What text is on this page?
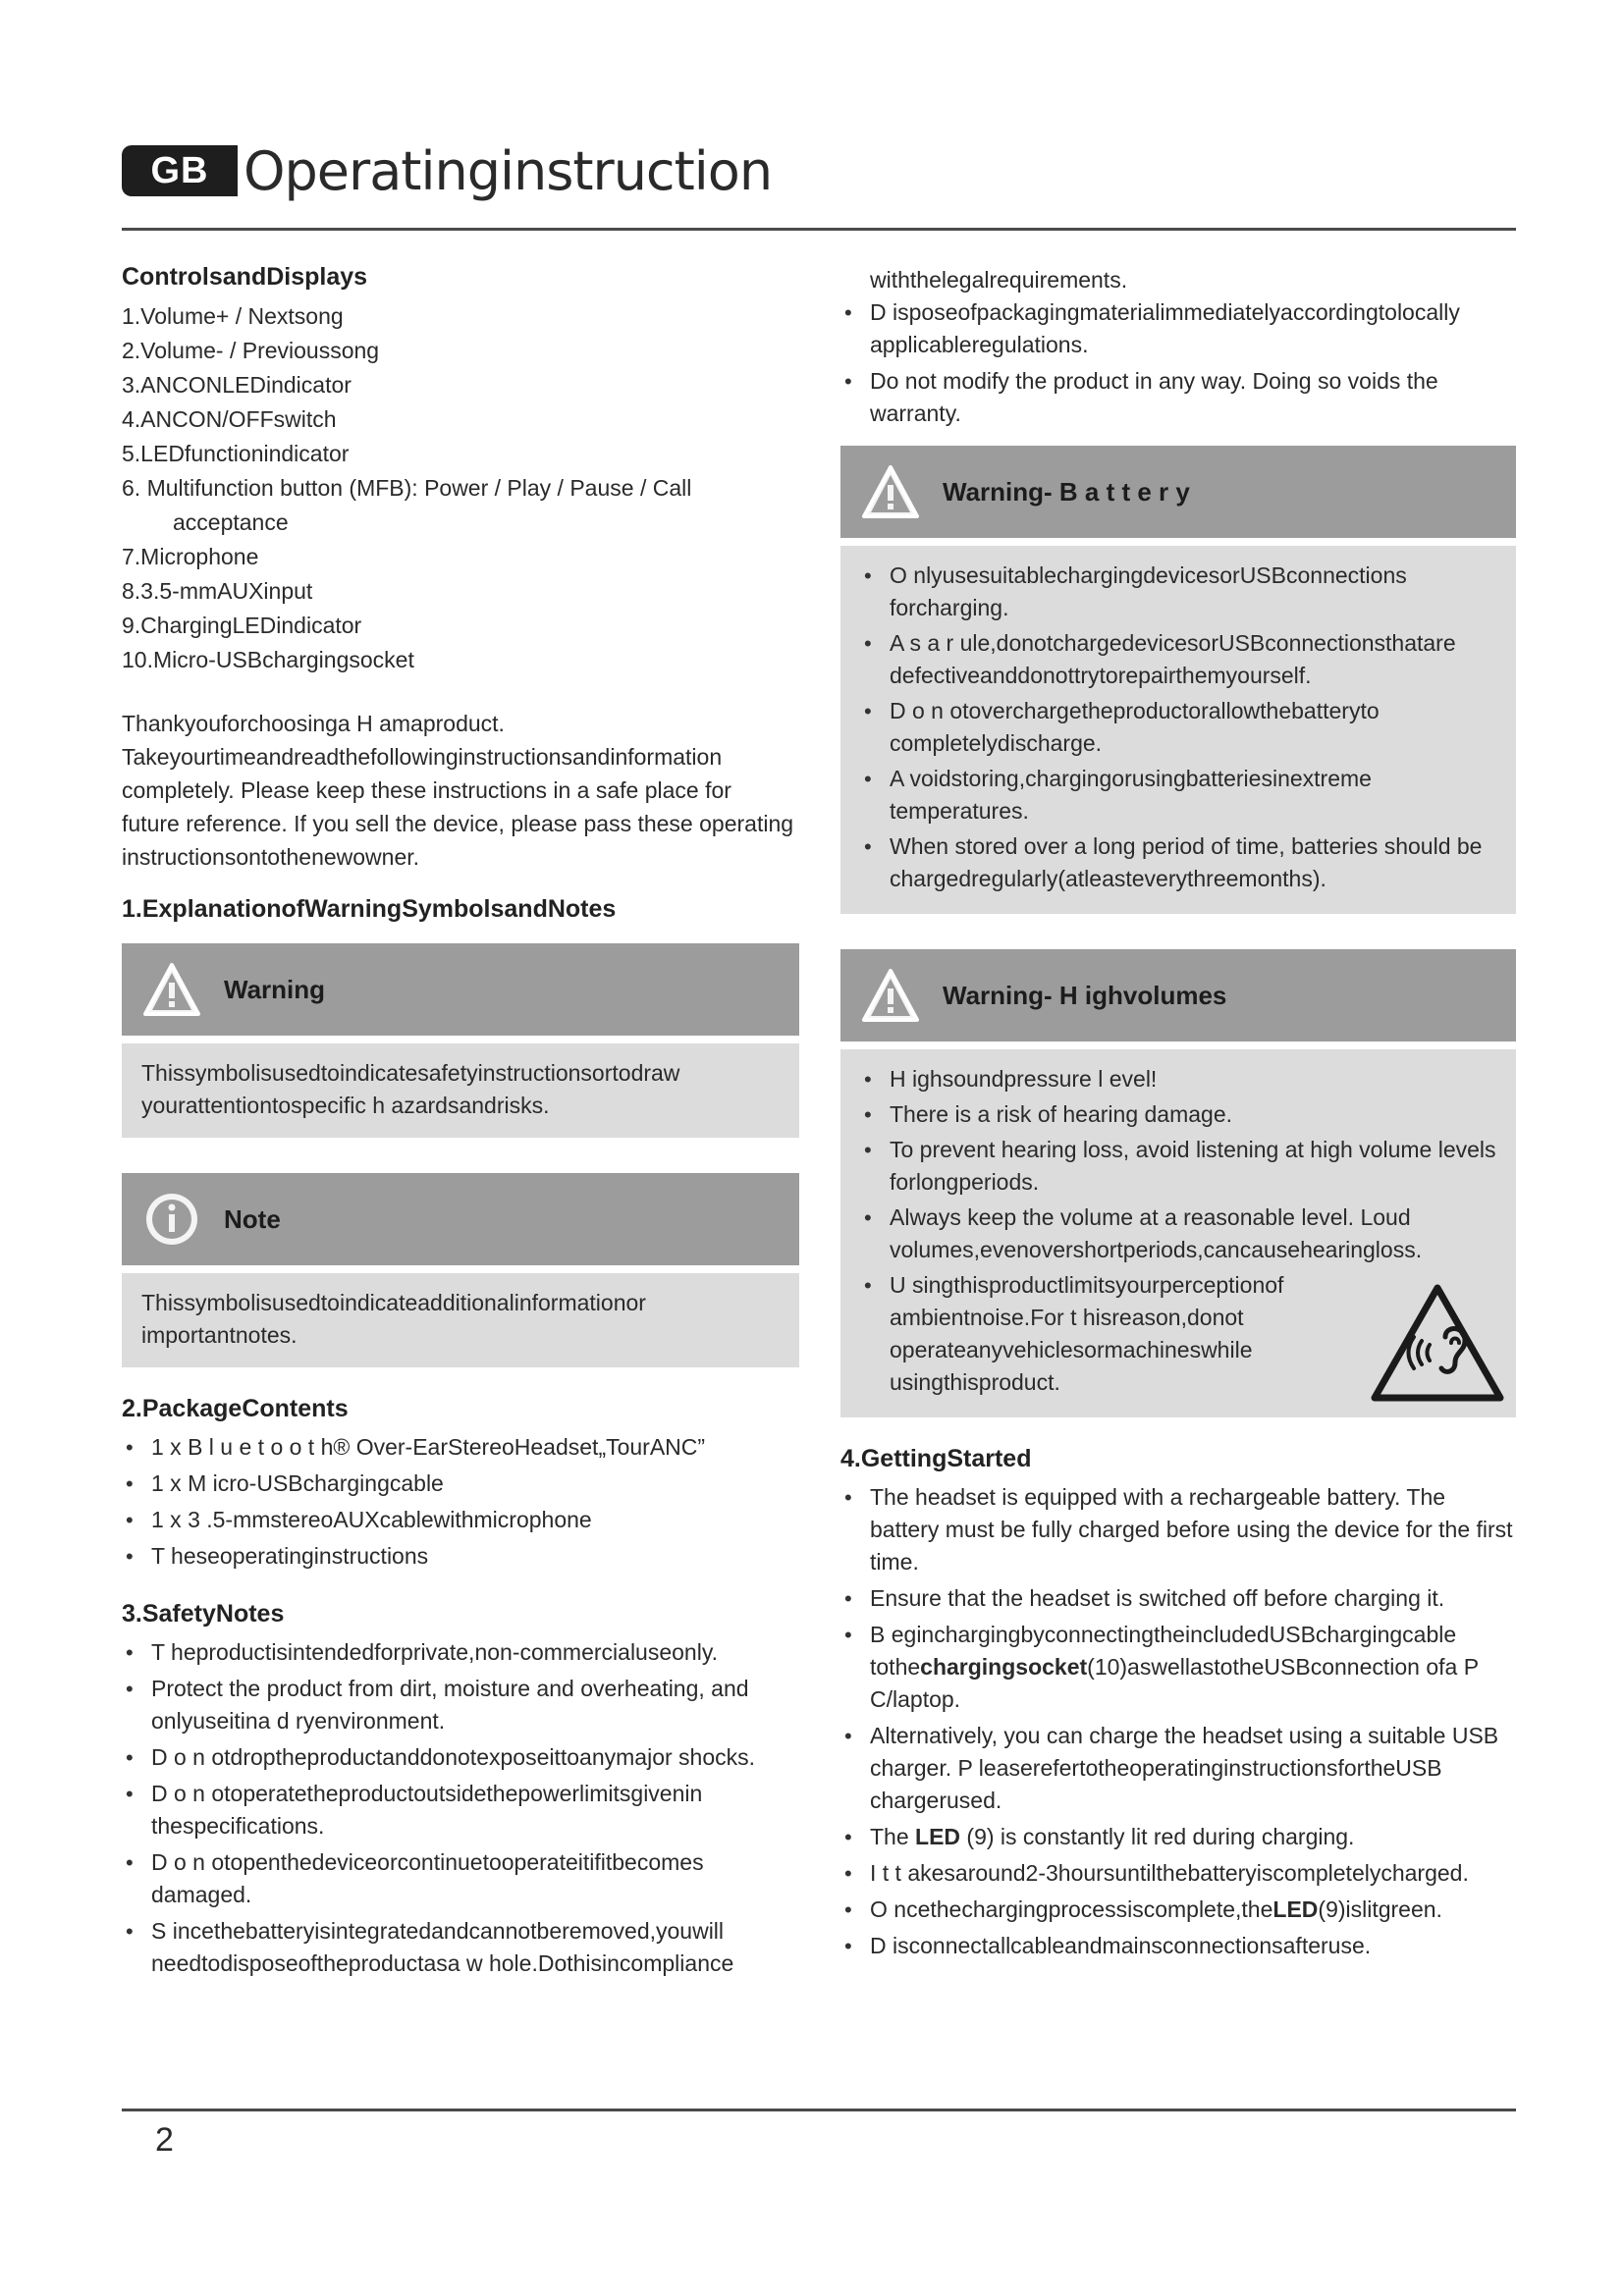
GB Operatinginstruction
ControlsandDisplays
1.Volume+ / Nextsong
2.Volume- / Previoussong
3.ANCONLEDindicator
4.ANCON/OFFswitch
5.LEDfunctionindicator
6. Multifunction button (MFB): Power / Play / Pause / Call acceptance
7.Microphone
8.3.5-mmAUXinput
9.ChargingLEDindicator
10.Micro-USBchargingsocket
Thankyouforchoosinga H amaproduct.
Takeyourtimeandreadthefollowinginstructionsandinformation
completely. Please keep these instructions in a safe place for
future reference. If you sell the device, please pass these operating
instructionsontothenewowner.
1.ExplanationofWarningSymbolsandNotes
Warning
Thissymbolisusedtoindicatesafetyinstructionsortodraw yourattentiontospecific h azardsandrisks.
Note
Thissymbolisusedtoindicateadditionalinformationor importantnotes.
2.PackageContents
• 1 x B l u e t o o t h® Over-EarStereoHeadset„TourANC”
• 1 x M icro-USBchargingcable
• 1 x 3 .5-mmstereoAUXcablewithmicrophone
• T heseoperatinginstructions
3.SafetyNotes
• T heproductisintendedforprivate,non-commercialuseonly.
• Protect the product from dirt, moisture and overheating, and onlyuseitina d ryenvironment.
• D o n otdroptheproductanddonotexposeittoanymajor shocks.
• D o n otoperatetheproductoutsidethepowerlimitsgivenin thespecifications.
• D o n otopenthedeviceorcontinuetooperateitifitbecomes damaged.
• S incethebatteryisintegratedandcannotberemoved,youwill needtodisposeoftheproductasa w hole.Dothisincompliance
withthelegalrequirements.
• D isposeofpackagingmaterialimmediatelyaccordingtolocally applicableregulations.
• Do not modify the product in any way. Doing so voids the warranty.
Warning- B a t t e r y
• O nlyusesuitablechargingdevicesorUSBconnections forcharging.
• A s a r ule,donotchargedevicesorUSBconnectionsthatare defectiveanddonottrytorepairthemyourself.
• D o n otoverchargetheproductorallowthebatteryto completelydischarge.
• A voidstoring,chargingorusingbatteriesinextreme temperatures.
• When stored over a long period of time, batteries should be chargedregularly(atleasteverythreemonths).
Warning- H ighvolumes
• H ighsoundpressure l evel!
• There is a risk of hearing damage.
• To prevent hearing loss, avoid listening at high volume levels forlongperiods.
• Always keep the volume at a reasonable level. Loud volumes,evenovershortperiods,cancausehearingloss.
• U singthisproductlimitsyourperceptionof ambientnoise.For t hisreason,donot operateanyvehiclesormachineswhile usingthisproduct.
4.GettingStarted
• The headset is equipped with a rechargeable battery. The battery must be fully charged before using the device for the first time.
• Ensure that the headset is switched off before charging it.
• B eginchargingbyconnectingtheincludedUSBchargingcable tothechargingsocket(10)aswellastotheUSBconnection ofa P C/laptop.
• Alternatively, you can charge the headset using a suitable USB charger. P leaserefertotheoperatinginstructionsfortheUSB chargerused.
• The LED (9) is constantly lit red during charging.
• I t t akesaround2-3hoursuntilthebatteryiscompletelycharged.
• O ncethechargingprocessiscomplete,theLED(9)islitgreen.
• D isconnectallcableandmainsconnectionsafteruse.
2
